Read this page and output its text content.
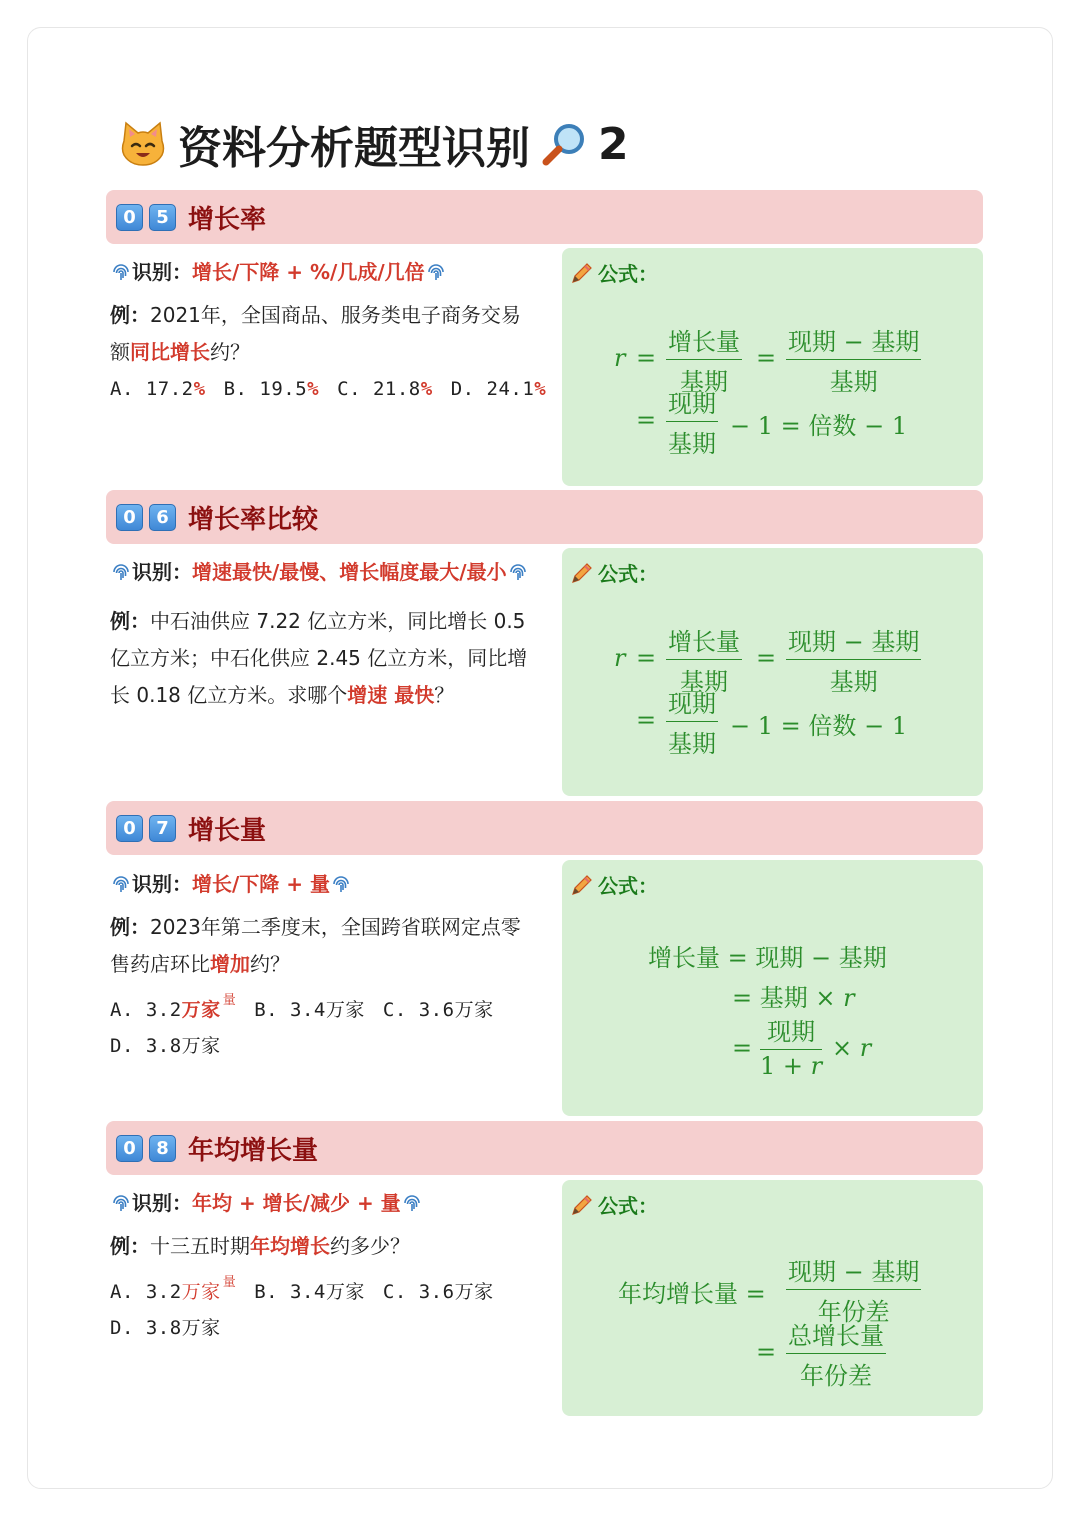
资料分析题型识别 2
0	5 增长率
识别：增长/下降 + %/几成/几倍
例：2021年，全国商品、服务类电子商务交易额同比增长约？
A. 17.2% B. 19.5% C. 21.8% D. 24.1%
公式：
r =
增长量
基期
=
现期 − 基期
基期
=
现期
基期
− 1 = 倍数 − 1
0	6 增长率比较
识别：增速最快/最慢、增长幅度最大/最小
例：中石油供应 7.22 亿立方米，同比增长 0.5 亿立方米；中石化供应 2.45 亿立方米，同比增长 0.18 亿立方米。求哪个增速 最快？
公式：
r =
增长量
基期
=
现期 − 基期
基期
=
现期
基期
− 1 = 倍数 − 1
0	7 增长量
识别：增长/下降 + 量
例：2023年第二季度末，全国跨省联网定点零售药店环比增加约？
A. 3.2万家 $^量$ B. 3.4万家 C. 3.6万家
D. 3.8万家
公式：
增长量 = 现期 − 基期
= 基期 × r
=
现期
1 + r
× r
0	8 年均增长量
识别：年均 + 增长/减少 + 量
例：十三五时期年均增长约多少？
A. 3.2万家 $^量$ B. 3.4万家 C. 3.6万家
D. 3.8万家
公式：
年均增长量 =
现期 − 基期
年份差
=
总增长量
年份差
